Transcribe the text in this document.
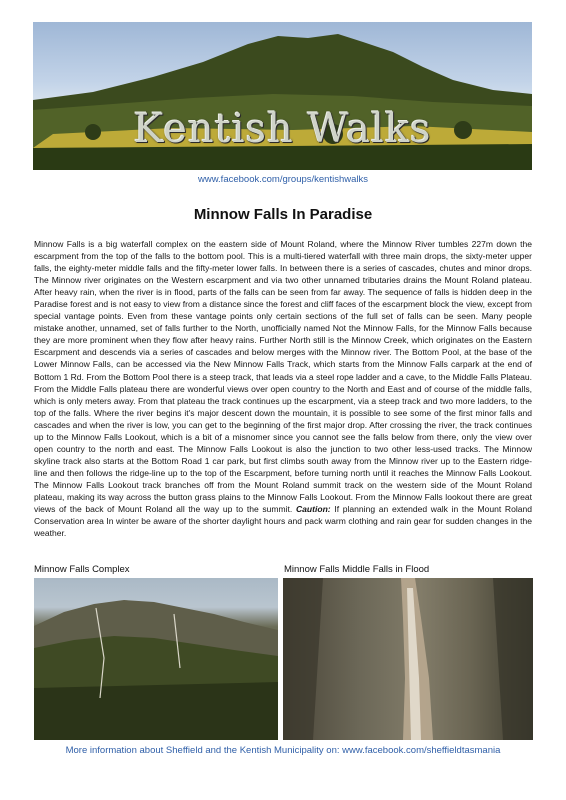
Kentish Walks
www.facebook.com/groups/kentishwalks
Minnow Falls In Paradise

Minnow Falls is a big waterfall complex on the eastern side of Mount Roland, where the Minnow River tumbles 227m down the escarpment from the top of the falls to the bottom pool. This is a multi-tiered waterfall with three main drops, the sixty-meter upper falls, the eighty-meter middle falls and the fifty-meter lower falls. In between there is a series of cascades, chutes and minor drops. The Minnow river originates on the Western escarpment and via two other unnamed tributaries drains the Mount Roland plateau. After heavy rain, when the river is in flood, parts of the falls can be seen from far away. The sequence of falls is hidden deep in the Paradise forest and is not easy to view from a distance since the forest and cliff faces of the escarpment block the view, except from special vantage points. Even from these vantage points only certain sections of the full set of falls can be seen. Many people mistake another, unnamed, set of falls further to the North, unofficially named Not the Minnow Falls, for the Minnow Falls because they are more prominent when they flow after heavy rains. Further North still is the Minnow Creek, which originates on the Eastern Escarpment and descends via a series of cascades and below merges with the Minnow river. The Bottom Pool, at the base of the Lower Minnow Falls, can be accessed via the New Minnow Falls Track, which starts from the Minnow Falls carpark at the end of Bottom 1 Rd. From the Bottom Pool there is a steep track, that leads via a steel rope ladder and a cave, to the Middle Falls Plateau. From the Middle Falls plateau there are wonderful views over open country to the North and East and of course of the middle falls, which is only meters away. From that plateau the track continues up the escarpment, via a steep track and two more ladders, to the top of the falls. Where the river begins it's major descent down the mountain, it is possible to see some of the first minor falls and cascades and when the river is low, you can get to the beginning of the first major drop. After crossing the river, the track continues up to the Minnow Falls Lookout, which is a bit of a misnomer since you cannot see the falls below from there, only the view over open country to the north and east. The Minnow Falls Lookout is also the junction to two other less-used tracks. The Minnow skyline track also starts at the Bottom Road 1 car park, but first climbs south away from the Minnow river up to the Eastern ridge-line and then follows the ridge-line up to the top of the Escarpment, before turning north until it reaches the Minnow Falls Lookout. The Minnow Falls Lookout track branches off from the Mount Roland summit track on the western side of the Mount Roland plateau, making its way across the button grass plains to the Minnow Falls Lookout. From the Minnow Falls lookout there are great views of the back of Mount Roland all the way up to the summit. Caution: If planning an extended walk in the Mount Roland Conservation area In winter be aware of the shorter daylight hours and pack warm clothing and rain gear for sudden changes in the weather.

Minnow Falls Complex	Minnow Falls Middle Falls in Flood
More information about Sheffield and the Kentish Municipality on: www.facebook.com/sheffieldtasmania
